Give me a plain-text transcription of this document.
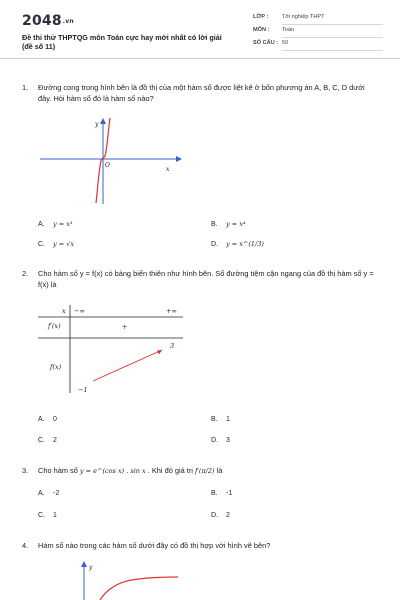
2048.vn
Đề thi thử THPTQG môn Toán cực hay mới nhất có lời giải (đề số 11)
LỚP :	Tốt nghiệp THPT
MÔN :	Toán
SỐ CÂU : 50
1.	Đường cong trong hình bên là đồ thị của một hàm số được liệt kê ở bốn phương án A, B, C, D dưới đây. Hỏi hàm số đó là hàm số nào?
y
x
O
A.	y = x³	B.	y = x⁴
C.	y = √x	D.	y = x^(1/3)
2.	Cho hàm số y = f(x) có bảng biến thiên như hình bên. Số đường tiệm cận ngang của đồ thị hàm số y = f(x) là
x −∞	+∞
f′(x)	+
f(x)
−1
3
A.	0	B.	1
C.	2	D.	3
3.	Cho hàm số y = e^(cos x) . sin x . Khi đó giá trị f′(π/2) là
A.	-2	B.	-1
C.	1	D.	2
4.	Hàm số nào trong các hàm số dưới đây có đồ thị hợp với hình vẽ bên?
y
